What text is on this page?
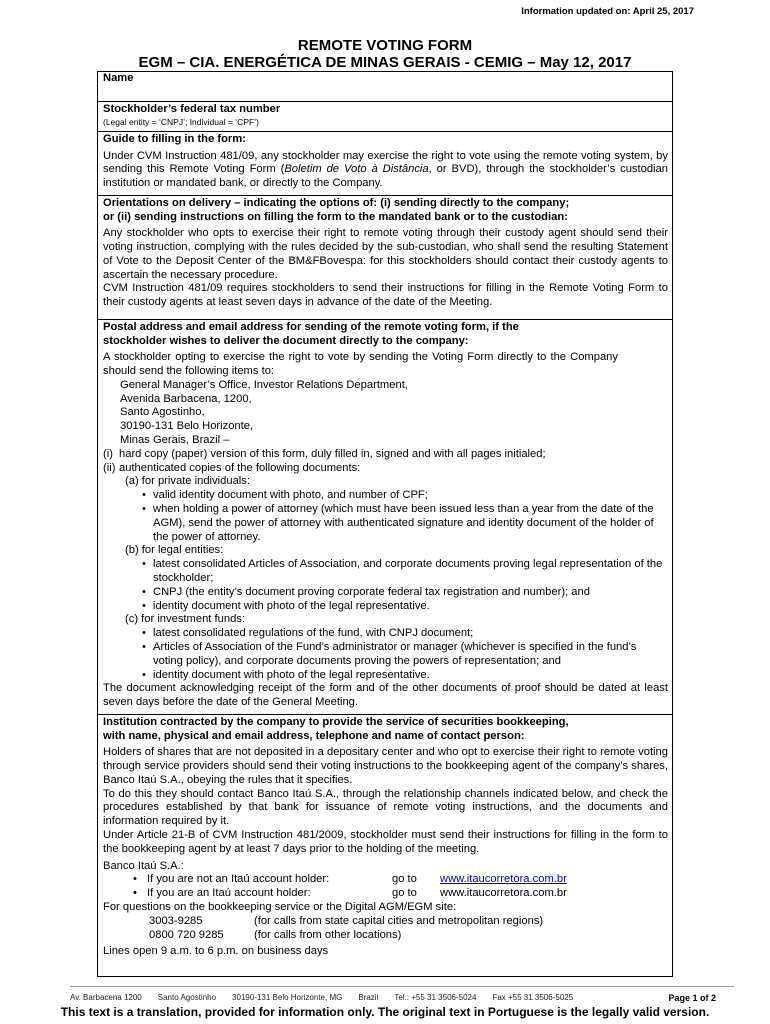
Information updated on: April 25, 2017
REMOTE VOTING FORM
EGM – CIA. ENERGÉTICA DE MINAS GERAIS - CEMIG – May 12, 2017
Name
Stockholder’s federal tax number
(Legal entity = ‘CNPJ’; Individual = ‘CPF’)
Guide to filling in the form:

Under CVM Instruction 481/09, any stockholder may exercise the right to vote using the remote voting system, by sending this Remote Voting Form (Boletim de Voto à Distância, or BVD), through the stockholder’s custodian institution or mandated bank, or directly to the Company.

Orientations on delivery – indicating the options of: (i) sending directly to the company;
or (ii) sending instructions on filling the form to the mandated bank or to the custodian:

Any stockholder who opts to exercise their right to remote voting through their custody agent should send their voting instruction, complying with the rules decided by the sub-custodian, who shall send the resulting Statement of Vote to the Deposit Center of the BM&FBovespa: for this stockholders should contact their custody agents to ascertain the necessary procedure.

CVM Instruction 481/09 requires stockholders to send their instructions for filling in the Remote Voting Form to their custody agents at least seven days in advance of the date of the Meeting.

Postal address and email address for sending of the remote voting form, if the
stockholder wishes to deliver the document directly to the company:

A stockholder opting to exercise the right to vote by sending the Voting Form directly to the Company should send the following items to:

General Manager’s Office, Investor Relations Department,
Avenida Barbacena, 1200,
Santo Agostinho,
30190-131 Belo Horizonte,
Minas Gerais, Brazil –
(i) hard copy (paper) version of this form, duly filled in, signed and with all pages initialed;
(ii) authenticated copies of the following documents:
(a) for private individuals:
• valid identity document with photo, and number of CPF;
• when holding a power of attorney (which must have been issued less than a year from the date of the AGM), send the power of attorney with authenticated signature and identity document of the holder of the power of attorney.
(b) for legal entities:
• latest consolidated Articles of Association, and corporate documents proving legal representation of the stockholder;
• CNPJ (the entity’s document proving corporate federal tax registration and number); and
• identity document with photo of the legal representative.
(c) for investment funds:
• latest consolidated regulations of the fund, with CNPJ document;
• Articles of Association of the Fund’s administrator or manager (whichever is specified in the fund’s voting policy), and corporate documents proving the powers of representation; and
• identity document with photo of the legal representative.

The document acknowledging receipt of the form and of the other documents of proof should be dated at least seven days before the date of the General Meeting.

Institution contracted by the company to provide the service of securities bookkeeping,
with name, physical and email address, telephone and name of contact person:

Holders of shares that are not deposited in a depositary center and who opt to exercise their right to remote voting through service providers should send their voting instructions to the bookkeeping agent of the company’s shares, Banco Itaú S.A., obeying the rules that it specifies.

To do this they should contact Banco Itaú S.A., through the relationship channels indicated below, and check the procedures established by that bank for issuance of remote voting instructions, and the documents and information required by it.

Under Article 21-B of CVM Instruction 481/2009, stockholder must send their instructions for filling in the form to the bookkeeping agent by at least 7 days prior to the holding of the meeting.

Banco Itaú S.A.:
• If you are not an Itaú account holder:	go to	www.itaucorretora.com.br
• If you are an Itaú account holder:	go to	www.itaucorretora.com.br
For questions on the bookkeeping service or the Digital AGM/EGM site:
3003-9285	(for calls from state capital cities and metropolitan regions)
0800 720 9285	(for calls from other locations)
Lines open 9 a.m. to 6 p.m. on business days
Av. Barbacena 1200 Santo Agostinho 30190-131 Belo Horizonte, MG Brazil Tel.: +55 31 3506-5024 Fax +55 31 3506-5025	Page 1 of 2
This text is a translation, provided for information only. The original text in Portuguese is the legally valid version.
